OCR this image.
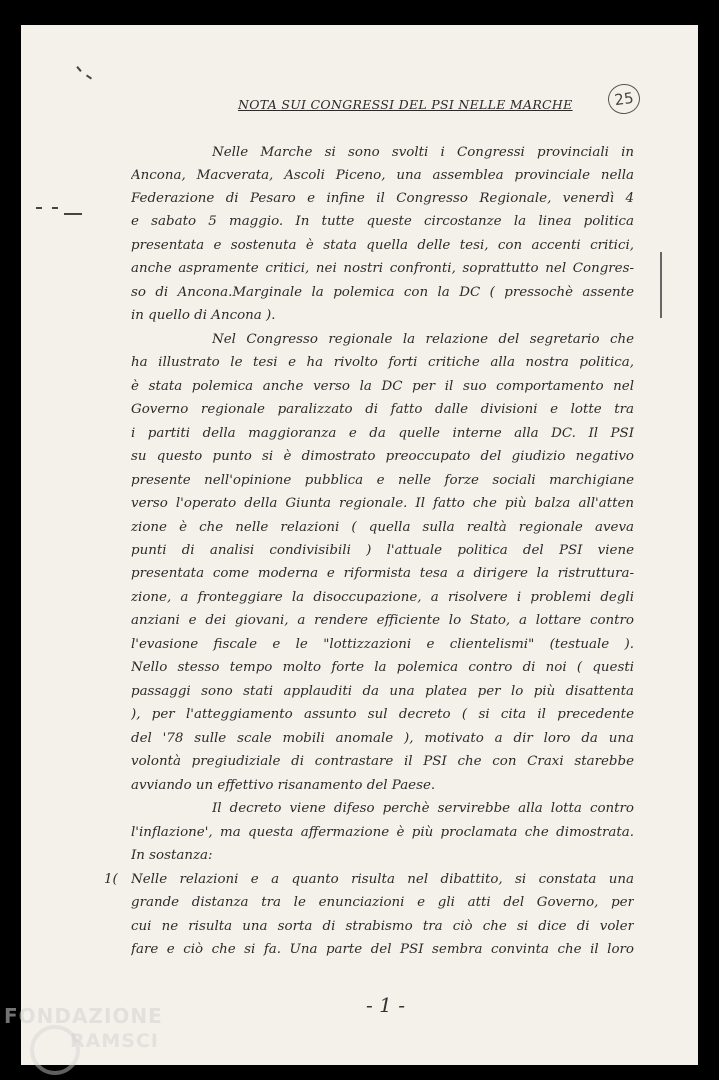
NOTA SUI CONGRESSI DEL PSI NELLE MARCHE	25
Nelle Marche si sono svolti i Congressi provinciali in
Ancona, Macverata, Ascoli Piceno, una assemblea provinciale nella
Federazione di Pesaro e infine il Congresso Regionale, venerdì 4
e sabato 5 maggio. In tutte queste circostanze la linea politica
presentata e sostenuta è stata quella delle tesi, con accenti critici,
anche aspramente critici, nei nostri confronti, soprattutto nel Congres-
so di Ancona.Marginale la polemica con la DC ( pressochè assente
in quello di Ancona ).
Nel Congresso regionale la relazione del segretario che
ha illustrato le tesi e ha rivolto forti critiche alla nostra politica,
è stata polemica anche verso la DC per il suo comportamento nel
Governo regionale paralizzato di fatto dalle divisioni e lotte tra
i partiti della maggioranza e da quelle interne alla DC. Il PSI
su questo punto si è dimostrato preoccupato del giudizio negativo
presente nell'opinione pubblica e nelle forze sociali marchigiane
verso l'operato della Giunta regionale. Il fatto che più balza all'atten
zione è che nelle relazioni ( quella sulla realtà regionale aveva
punti di analisi condivisibili ) l'attuale politica del PSI viene
presentata come moderna e riformista tesa a dirigere la ristruttura-
zione, a fronteggiare la disoccupazione, a risolvere i problemi degli
anziani e dei giovani, a rendere efficiente lo Stato, a lottare contro
l'evasione fiscale e le "lottizzazioni e clientelismi" (testuale ).
Nello stesso tempo molto forte la polemica contro di noi ( questi
passaggi sono stati applauditi da una platea per lo più disattenta
), per l'atteggiamento assunto sul decreto ( si cita il precedente
del '78 sulle scale mobili anomale ), motivato a dir loro da una
volontà pregiudiziale di contrastare il PSI che con Craxi starebbe
avviando un effettivo risanamento del Paese.
Il decreto viene difeso perchè servirebbe alla lotta contro
l'inflazione', ma questa affermazione è più proclamata che dimostrata.
In sostanza:
1( Nelle relazioni e a quanto risulta nel dibattito, si constata una
grande distanza tra le enunciazioni e gli atti del Governo, per
cui ne risulta una sorta di strabismo tra ciò che si dice di voler
fare e ciò che si fa. Una parte del PSI sembra convinta che il loro
- 1 -
FONDAZIONE
RAMSCI
